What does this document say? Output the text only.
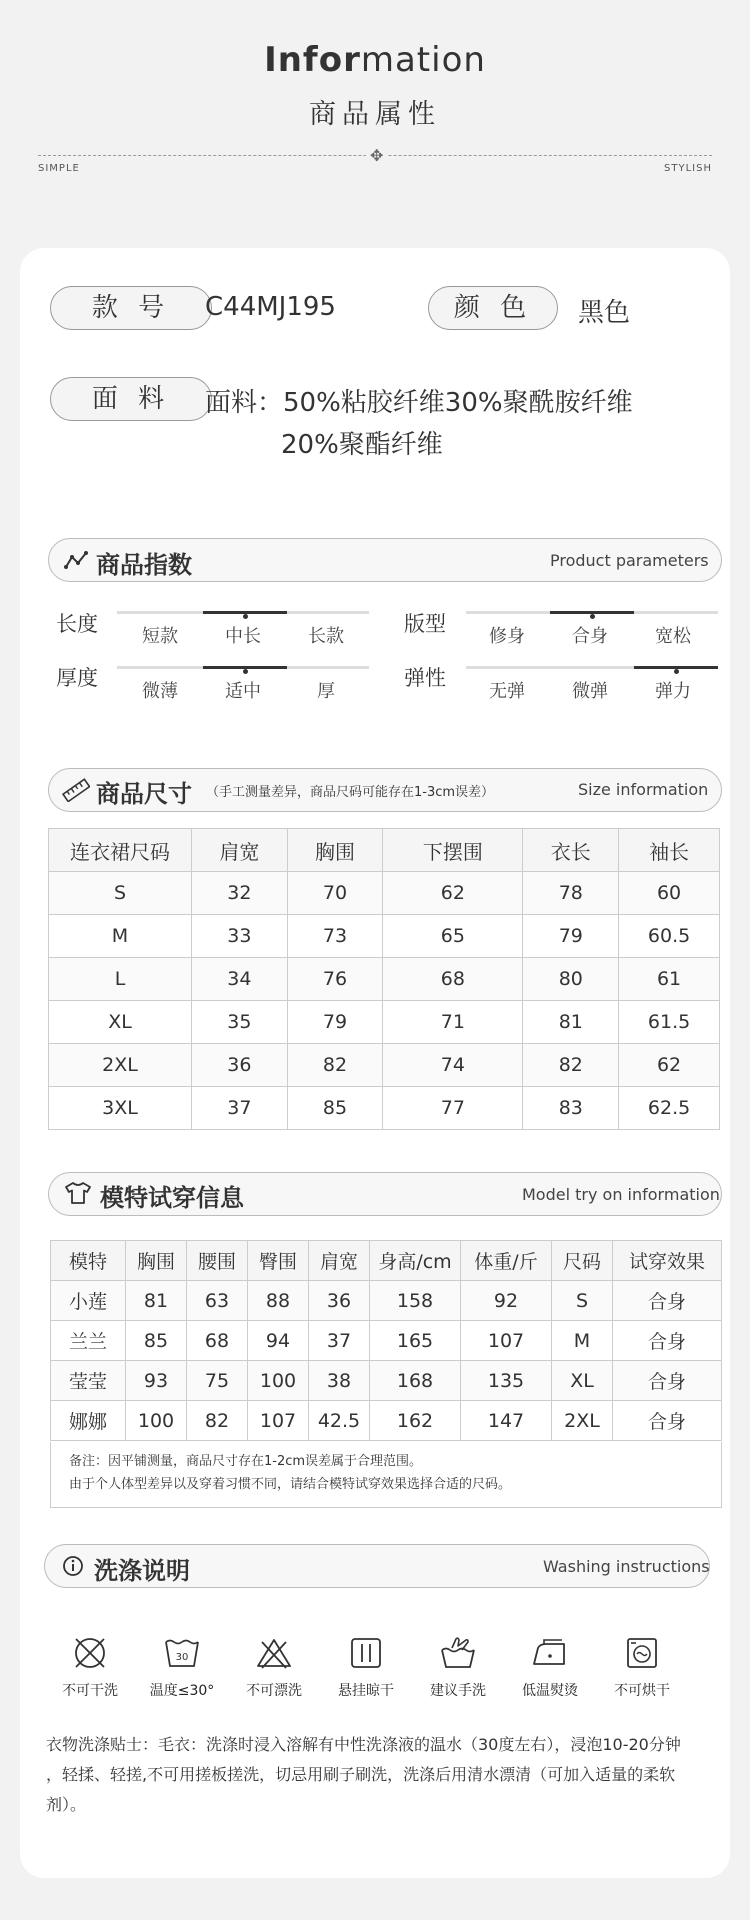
Information
商品属性
✥
SIMPLE	STYLISH
款 号	C44MJ195	颜 色	黑色
面 料	面料：50%粘胶纤维30%聚酰胺纤维
20%聚酯纤维
商品指数	Product parameters
长度
短款	中长	长款
厚度
微薄	适中	厚
版型
修身	合身	宽松
弹性
无弹	微弹	弹力
商品尺寸 （手工测量差异，商品尺码可能存在1-3cm误差）	Size information
连衣裙尺码	肩宽	胸围	下摆围	衣长	袖长
S	32	70	62	78	60
M	33	73	65	79	60.5
L	34	76	68	80	61
XL	35	79	71	81	61.5
2XL	36	82	74	82	62
3XL	37	85	77	83	62.5
模特试穿信息	Model try on information
模特	胸围	腰围	臀围	肩宽	身高/cm	体重/斤	尺码	试穿效果
小莲	81	63	88	36	158	92	S	合身
兰兰	85	68	94	37	165	107	M	合身
莹莹	93	75	100	38	168	135	XL	合身
娜娜	100	82	107	42.5	162	147	2XL	合身
备注：因平铺测量，商品尺寸存在1-2cm误差属于合理范围。
由于个人体型差异以及穿着习惯不同，请结合模特试穿效果选择合适的尺码。
洗涤说明	Washing instructions
不可干洗
30
温度≤30°	不可漂洗	悬挂晾干	建议手洗	低温熨烫	不可烘干
衣物洗涤贴士：毛衣：洗涤时浸入溶解有中性洗涤液的温水（30度左右），浸泡10-20分钟
，轻揉、轻搓,不可用搓板搓洗，切忌用刷子刷洗，洗涤后用清水漂清（可加入适量的柔软
剂）。
